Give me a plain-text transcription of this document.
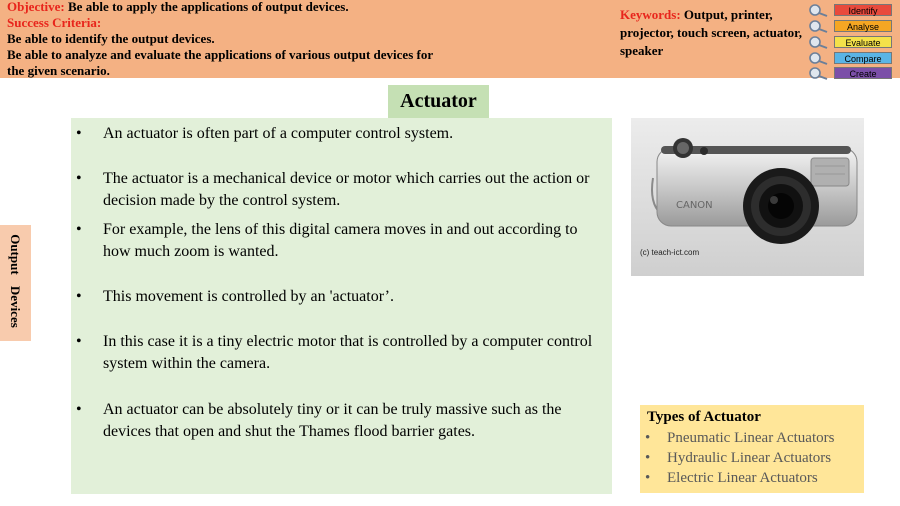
Objective: Be able to apply the applications of output devices.
Success Criteria:
Be able to identify the output devices.
Be able to analyze and evaluate the applications of various output devices for the given scenario.
Keywords: Output, printer, projector, touch screen, actuator, speaker
Identify
Analyse
Evaluate
Compare
Create
Actuator
Output Devices
• An actuator is often part of a computer control system.
• The actuator is a mechanical device or motor which carries out the action or decision made by the control system.
• For example, the lens of this digital camera moves in and out according to how much zoom is wanted.
• This movement is controlled by an 'actuator’.
• In this case it is a tiny electric motor that is controlled by a computer control system within the camera.
• An actuator can be absolutely tiny or it can be truly massive such as the devices that open and shut the Thames flood barrier gates.
CANON
(c) teach-ict.com
Types of Actuator
• Pneumatic Linear Actuators
• Hydraulic Linear Actuators
• Electric Linear Actuators
